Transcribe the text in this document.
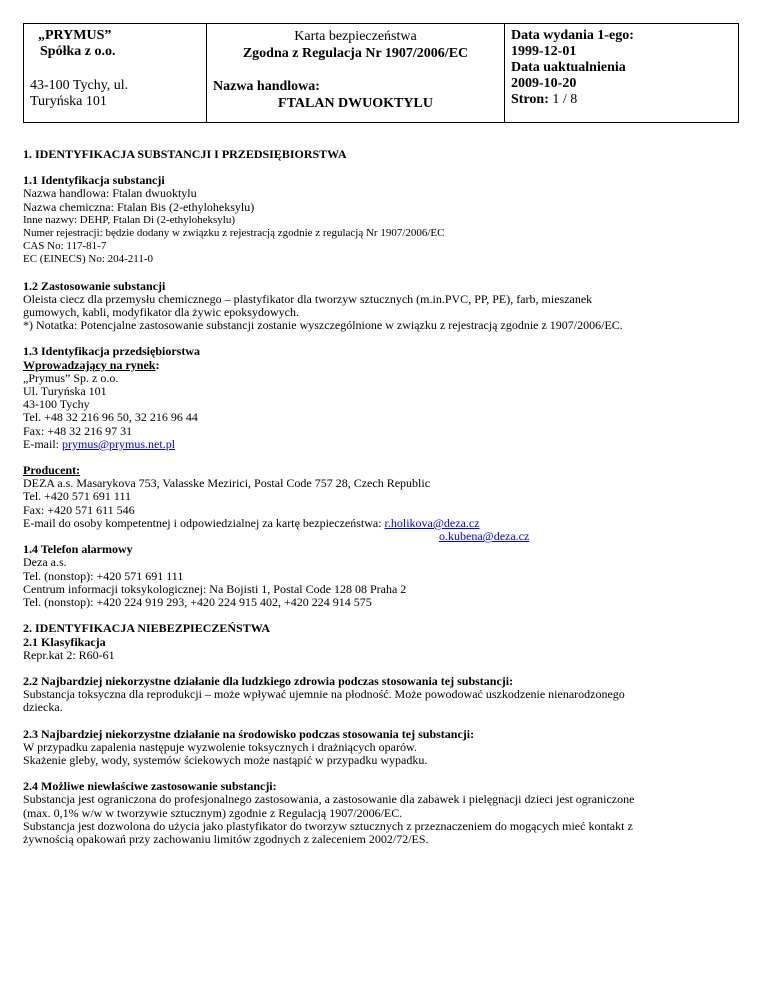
„PRYMUS”
Spółka z o.o.
43-100 Tychy, ul.
Turyńska 101

Karta bezpieczeństwa
Zgodna z Regulacja Nr 1907/2006/EC
Nazwa handlowa:
FTALAN DWUOKTYLU

Data wydania 1-ego:
1999-12-01
Data uaktualnienia
2009-10-20
Stron: 1 / 8

1. IDENTYFIKACJA SUBSTANCJI I PRZEDSIĘBIORSTWA

1.1 Identyfikacja substancji

Nazwa handlowa: Ftalan dwuoktylu

Nazwa chemiczna: Ftalan Bis (2-ethyloheksylu)

Inne nazwy: DEHP, Ftalan Di (2-ethyloheksylu)

Numer rejestracji: będzie dodany w związku z rejestracją zgodnie z regulacją Nr 1907/2006/EC

CAS No: 117-81-7

EC (EINECS) No: 204-211-0

1.2 Zastosowanie substancji

Oleista ciecz dla przemysłu chemicznego – plastyfikator dla tworzyw sztucznych (m.in.PVC, PP, PE), farb, mieszanek

gumowych, kabli, modyfikator dla żywic epoksydowych.

*) Notatka: Potencjalne zastosowanie substancji zostanie wyszczególnione w związku z rejestracją zgodnie z 1907/2006/EC.

1.3 Identyfikacja przedsiębiorstwa

Wprowadzający na rynek:

„Prymus” Sp. z o.o.

Ul. Turyńska 101

43-100 Tychy

Tel. +48 32 216 96 50, 32 216 96 44

Fax: +48 32 216 97 31

E-mail: prymus@prymus.net.pl

Producent:

DEZA a.s. Masarykova 753, Valasske Mezirici, Postal Code 757 28, Czech Republic

Tel. +420 571 691 111

Fax: +420 571 611 546

E-mail do osoby kompetentnej i odpowiedzialnej za kartę bezpieczeństwa: r.holikova@deza.cz

o.kubena@deza.cz

1.4 Telefon alarmowy

Deza a.s.

Tel. (nonstop): +420 571 691 111

Centrum informacji toksykologicznej: Na Bojisti 1, Postal Code 128 08 Praha 2

Tel. (nonstop): +420 224 919 293, +420 224 915 402, +420 224 914 575

2. IDENTYFIKACJA NIEBEZPIECZEŃSTWA

2.1 Klasyfikacja

Repr.kat 2: R60-61

2.2 Najbardziej niekorzystne działanie dla ludzkiego zdrowia podczas stosowania tej substancji:

Substancja toksyczna dla reprodukcji – może wpływać ujemnie na płodność. Może powodować uszkodzenie nienarodzonego

dziecka.

2.3 Najbardziej niekorzystne działanie na środowisko podczas stosowania tej substancji:

W przypadku zapalenia następuje wyzwolenie toksycznych i drażniących oparów.

Skażenie gleby, wody, systemów ściekowych może nastąpić w przypadku wypadku.

2.4 Możliwe niewłaściwe zastosowanie substancji:

Substancja jest ograniczona do profesjonalnego zastosowania, a zastosowanie dla zabawek i pielęgnacji dzieci jest ograniczone

(max. 0,1% w/w w tworzywie sztucznym) zgodnie z Regulacją 1907/2006/EC.

Substancja jest dozwolona do użycia jako plastyfikator do tworzyw sztucznych z przeznaczeniem do mogących mieć kontakt z

żywnością opakowań przy zachowaniu limitów zgodnych z zaleceniem 2002/72/ES.
